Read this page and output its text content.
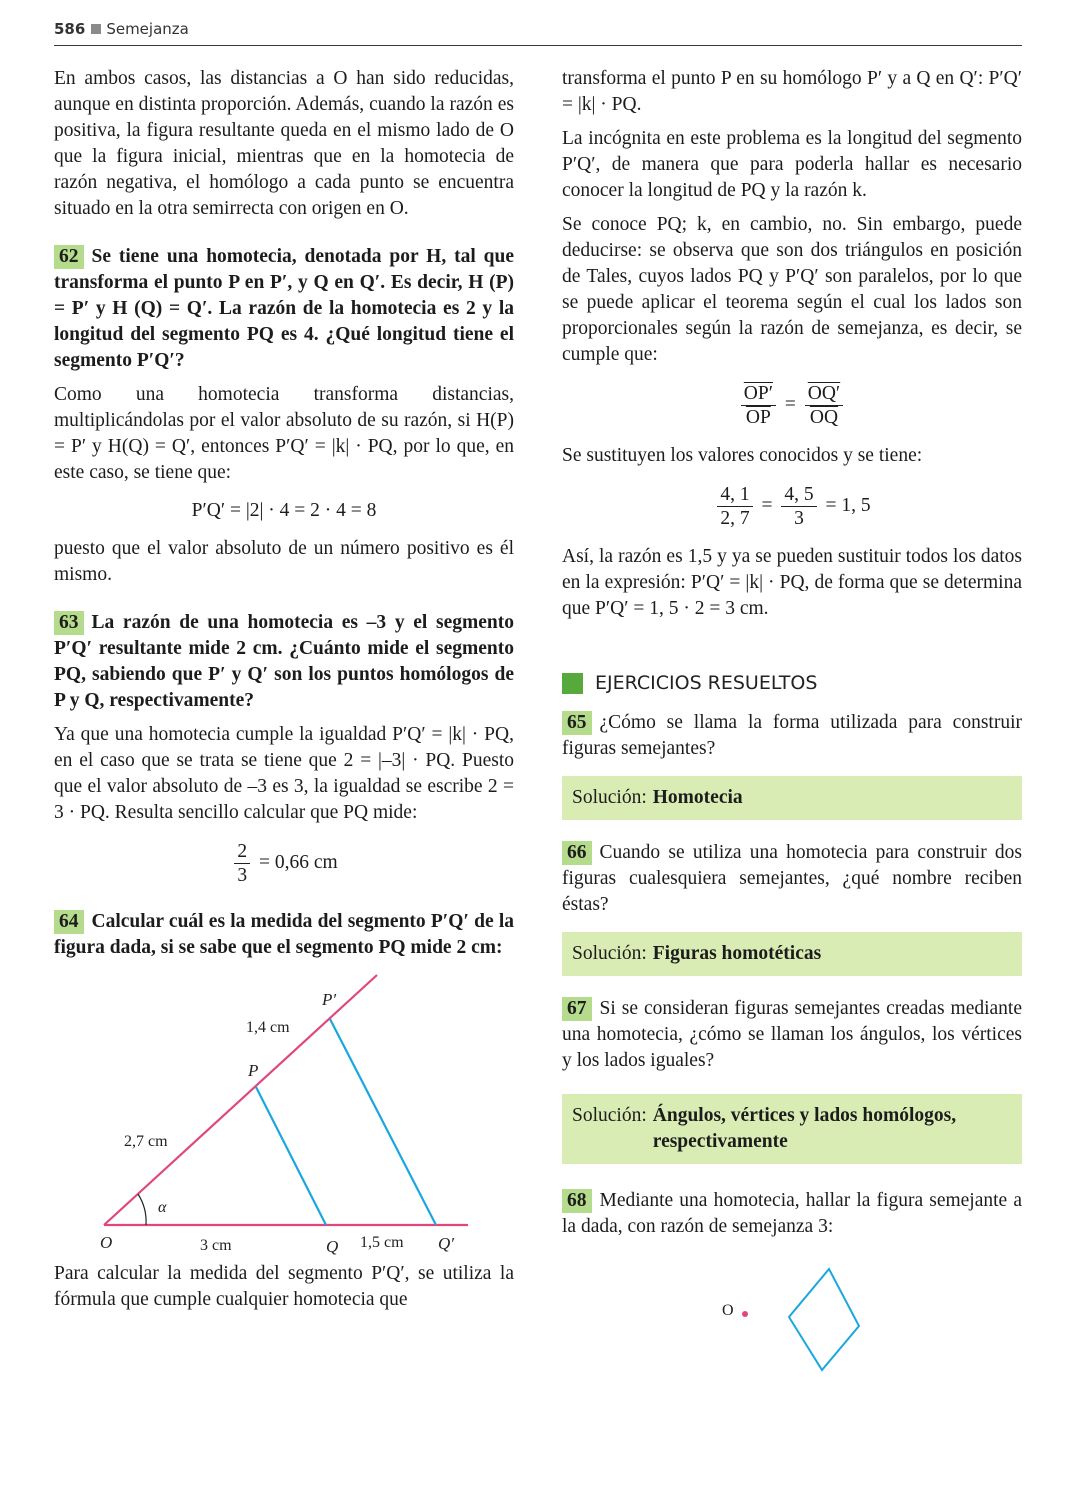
586 Semejanza

En ambos casos, las distancias a O han sido reducidas, aunque en distinta proporción. Además, cuando la razón es positiva, la figura resultante queda en el mismo lado de O que la figura inicial, mientras que en la homotecia de razón negativa, el homólogo a cada punto se encuentra situado en la otra semirrecta con origen en O.

62 Se tiene una homotecia, denotada por H, tal que transforma el punto P en P′, y Q en Q′. Es decir, H (P) = P′ y H (Q) = Q′. La razón de la homotecia es 2 y la longitud del segmento PQ es 4. ¿Qué longitud tiene el segmento P′Q′?

Como una homotecia transforma distancias, multiplicándolas por el valor absoluto de su razón, si H(P) = P′ y H(Q) = Q′, entonces P′Q′ = |k| · PQ, por lo que, en este caso, se tiene que:

P′Q′ = |2| · 4 = 2 · 4 = 8

puesto que el valor absoluto de un número positivo es él mismo.

63 La razón de una homotecia es –3 y el segmento P′Q′ resultante mide 2 cm. ¿Cuánto mide el segmento PQ, sabiendo que P′ y Q′ son los puntos homólogos de P y Q, respectivamente?

Ya que una homotecia cumple la igualdad P′Q′ = |k| · PQ, en el caso que se trata se tiene que 2 = |–3| · PQ. Puesto que el valor absoluto de –3 es 3, la igualdad se escribe 2 = 3 · PQ. Resulta sencillo calcular que PQ mide:

$\frac{2}{3} = 0,66$ cm
64 Calcular cuál es la medida del segmento P′Q′ de la figura dada, si se sabe que el segmento PQ mide 2 cm:
α
O
P
P′
Q	Q′
2,7 cm
1,4 cm
3 cm	1,5 cm

Para calcular la medida del segmento P′Q′, se utiliza la fórmula que cumple cualquier homotecia que

transforma el punto P en su homólogo P′ y a Q en Q′: P′Q′ = |k| · PQ.

La incógnita en este problema es la longitud del segmento P′Q′, de manera que para poderla hallar es necesario conocer la longitud de PQ y la razón k.

Se conoce PQ; k, en cambio, no. Sin embargo, puede deducirse: se observa que son dos triángulos en posición de Tales, cuyos lados PQ y P′Q′ son paralelos, por lo que se puede aplicar el teorema según el cual los lados son proporcionales según la razón de semejanza, es decir, se cumple que:

$\frac{OP'}{OP} = \frac{OQ'}{OQ}$

Se sustituyen los valores conocidos y se tiene:

$\frac{4, 1}{2, 7} = \frac{4, 5}{3} = 1$, 5

Así, la razón es 1,5 y ya se pueden sustituir todos los datos en la expresión: P′Q′ = |k| · PQ, de forma que se determina que P′Q′ = 1, 5 · 2 = 3 cm.

EJERCICIOS RESUELTOS
65 ¿Cómo se llama la forma utilizada para construir figuras semejantes?
Solución: Homotecia
66 Cuando se utiliza una homotecia para construir dos figuras cualesquiera semejantes, ¿qué nombre reciben éstas?
Solución: Figuras homotéticas
67 Si se consideran figuras semejantes creadas mediante una homotecia, ¿cómo se llaman los ángulos, los vértices y los lados iguales?
Solución: Ángulos, vértices y lados homólogos,
respectivamente
68 Mediante una homotecia, hallar la figura semejante a la dada, con razón de semejanza 3:
O
